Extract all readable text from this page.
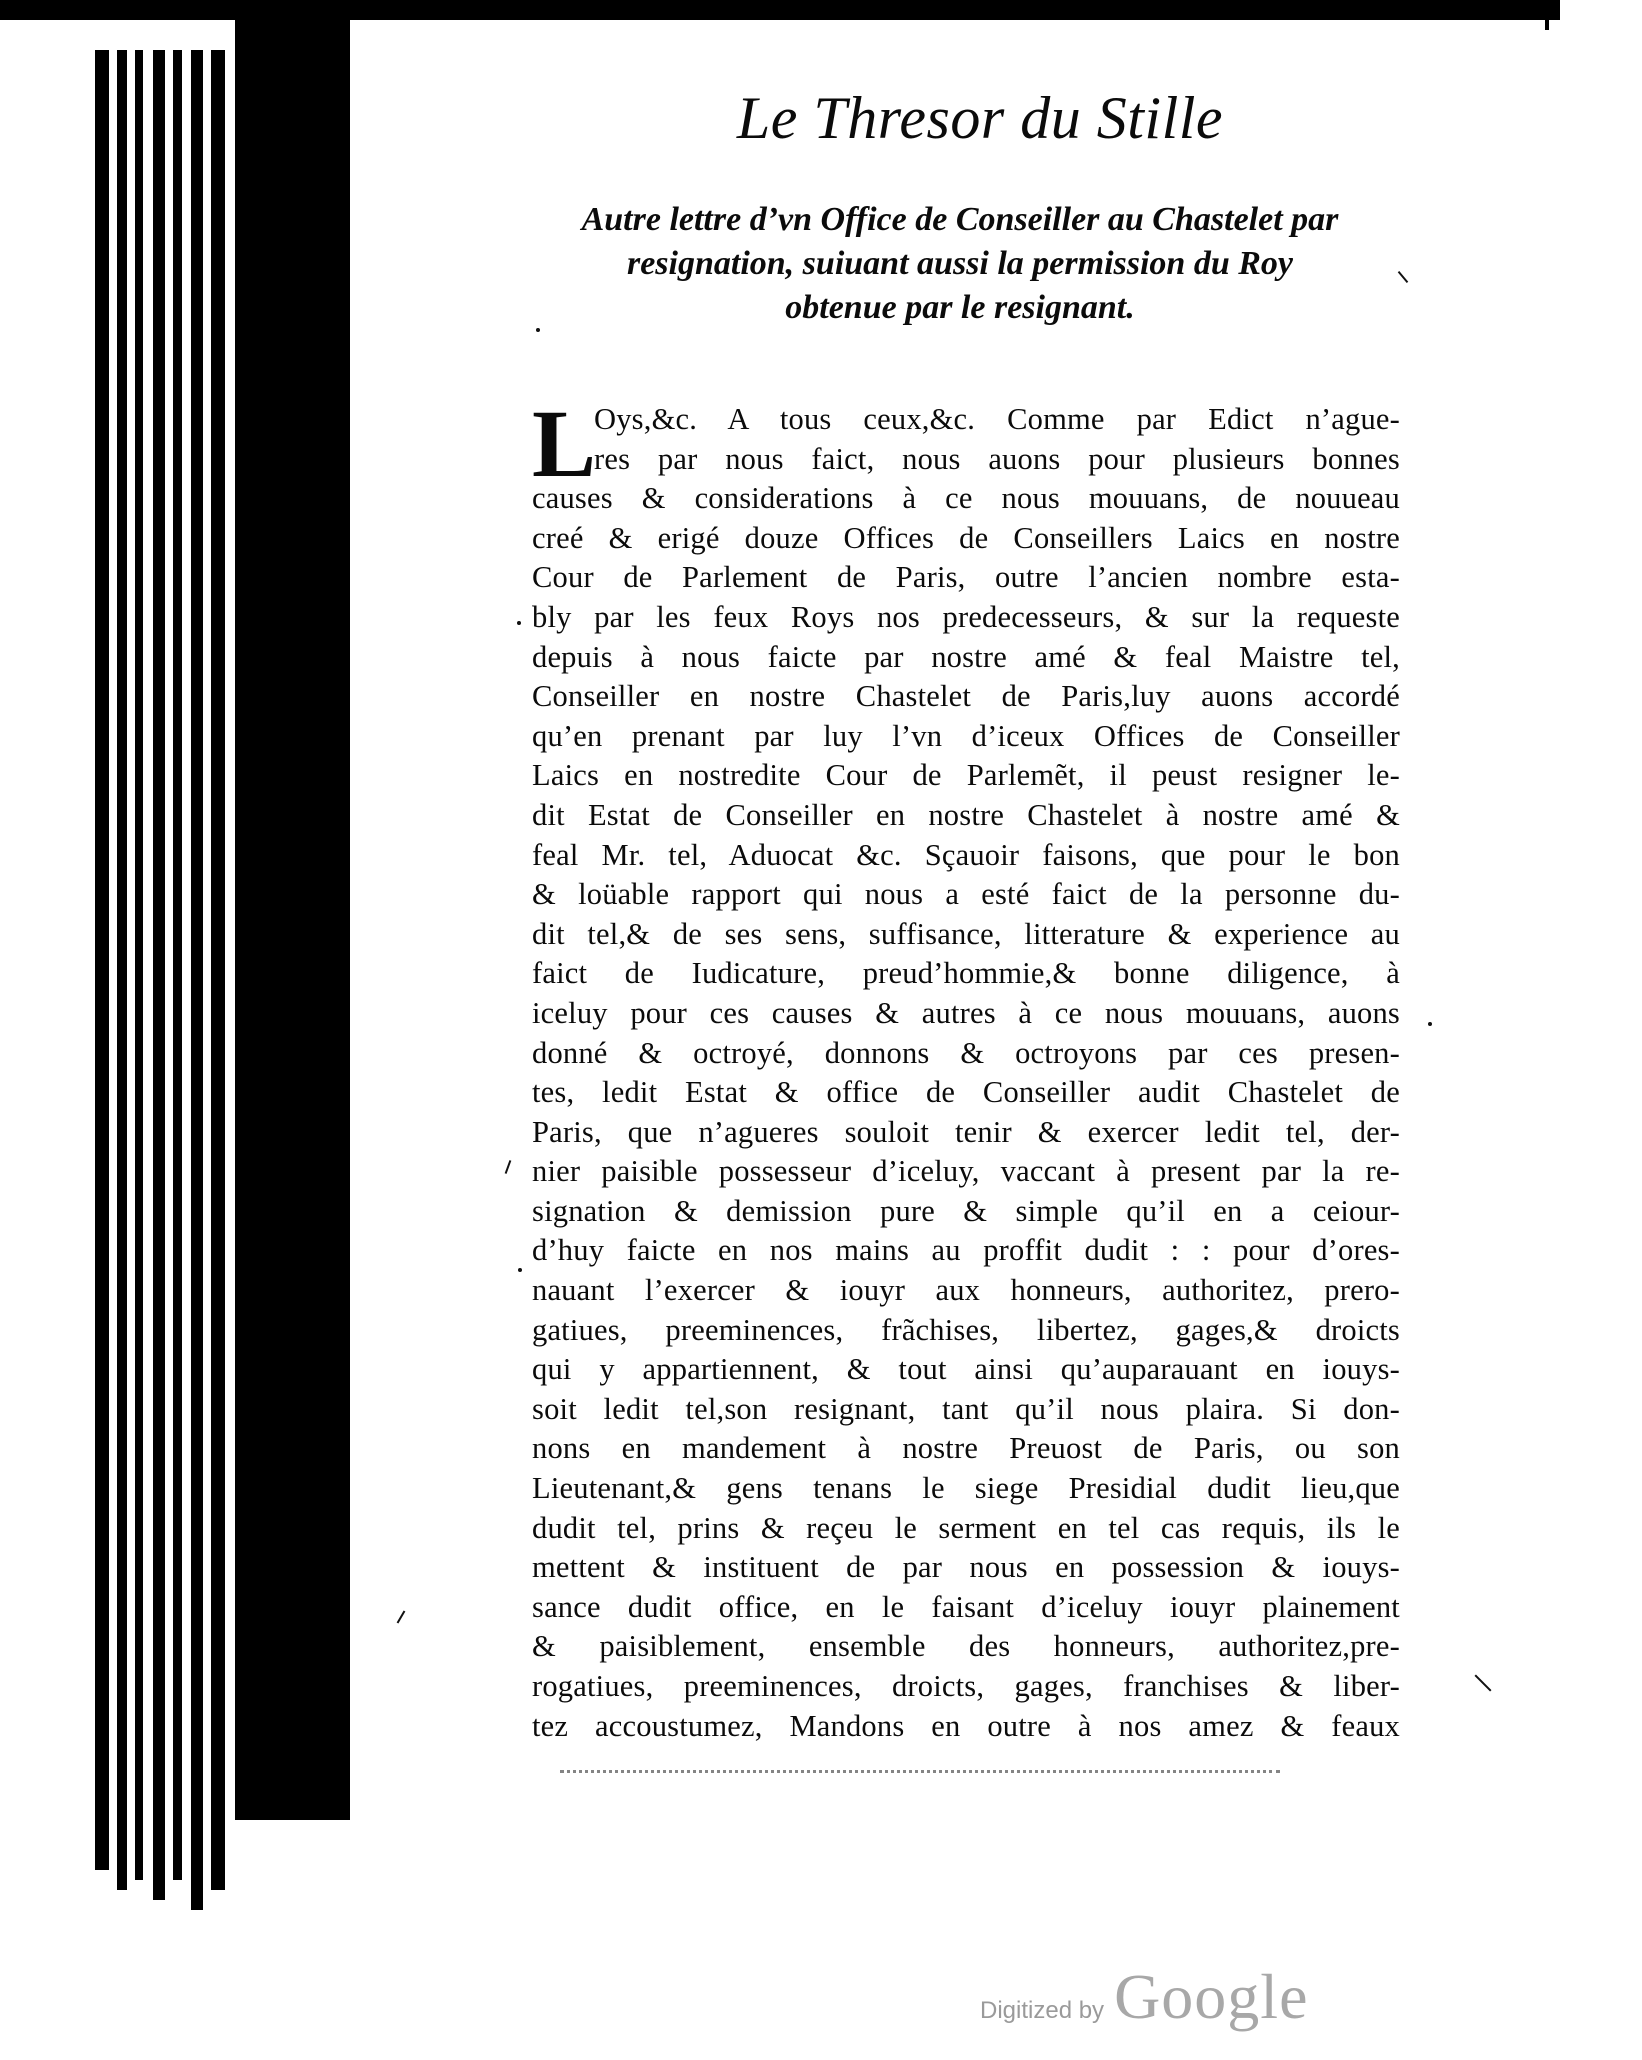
Le Thresor du Stille
Autre lettre d’vn Office de Conseiller au Chastelet par
resignation, suiuant aussi la permission du Roy
obtenue par le resignant.
L
Oys,&c. A tous ceux,&c. Comme par Edict n’ague-
res par nous faict, nous auons pour plusieurs bonnes
causes & considerations à ce nous mouuans, de nouueau
creé & erigé douze Offices de Conseillers Laics en nostre
Cour de Parlement de Paris, outre l’ancien nombre esta-
bly par les feux Roys nos predecesseurs, & sur la requeste
depuis à nous faicte par nostre amé & feal Maistre tel,
Conseiller en nostre Chastelet de Paris,luy auons accordé
qu’en prenant par luy l’vn d’iceux Offices de Conseiller
Laics en nostredite Cour de Parlemẽt, il peust resigner le-
dit Estat de Conseiller en nostre Chastelet à nostre amé &
feal Mr. tel, Aduocat &c. Sçauoir faisons, que pour le bon
& loüable rapport qui nous a esté faict de la personne du-
dit tel,& de ses sens, suffisance, litterature & experience au
faict de Iudicature, preud’hommie,& bonne diligence, à
iceluy pour ces causes & autres à ce nous mouuans, auons
donné & octroyé, donnons & octroyons par ces presen-
tes, ledit Estat & office de Conseiller audit Chastelet de
Paris, que n’agueres souloit tenir & exercer ledit tel, der-
nier paisible possesseur d’iceluy, vaccant à present par la re-
signation & demission pure & simple qu’il en a ceiour-
d’huy faicte en nos mains au proffit dudit : : pour d’ores-
nauant l’exercer & iouyr aux honneurs, authoritez, prero-
gatiues, preeminences, frãchises, libertez, gages,& droicts
qui y appartiennent, & tout ainsi qu’auparauant en iouys-
soit ledit tel,son resignant, tant qu’il nous plaira. Si don-
nons en mandement à nostre Preuost de Paris, ou son
Lieutenant,& gens tenans le siege Presidial dudit lieu,que
dudit tel, prins & reçeu le serment en tel cas requis, ils le
mettent & instituent de par nous en possession & iouys-
sance dudit office, en le faisant d’iceluy iouyr plainement
& paisiblement, ensemble des honneurs, authoritez,pre-
rogatiues, preeminences, droicts, gages, franchises & liber-
tez accoustumez, Mandons en outre à nos amez & feaux
Digitized by Google
